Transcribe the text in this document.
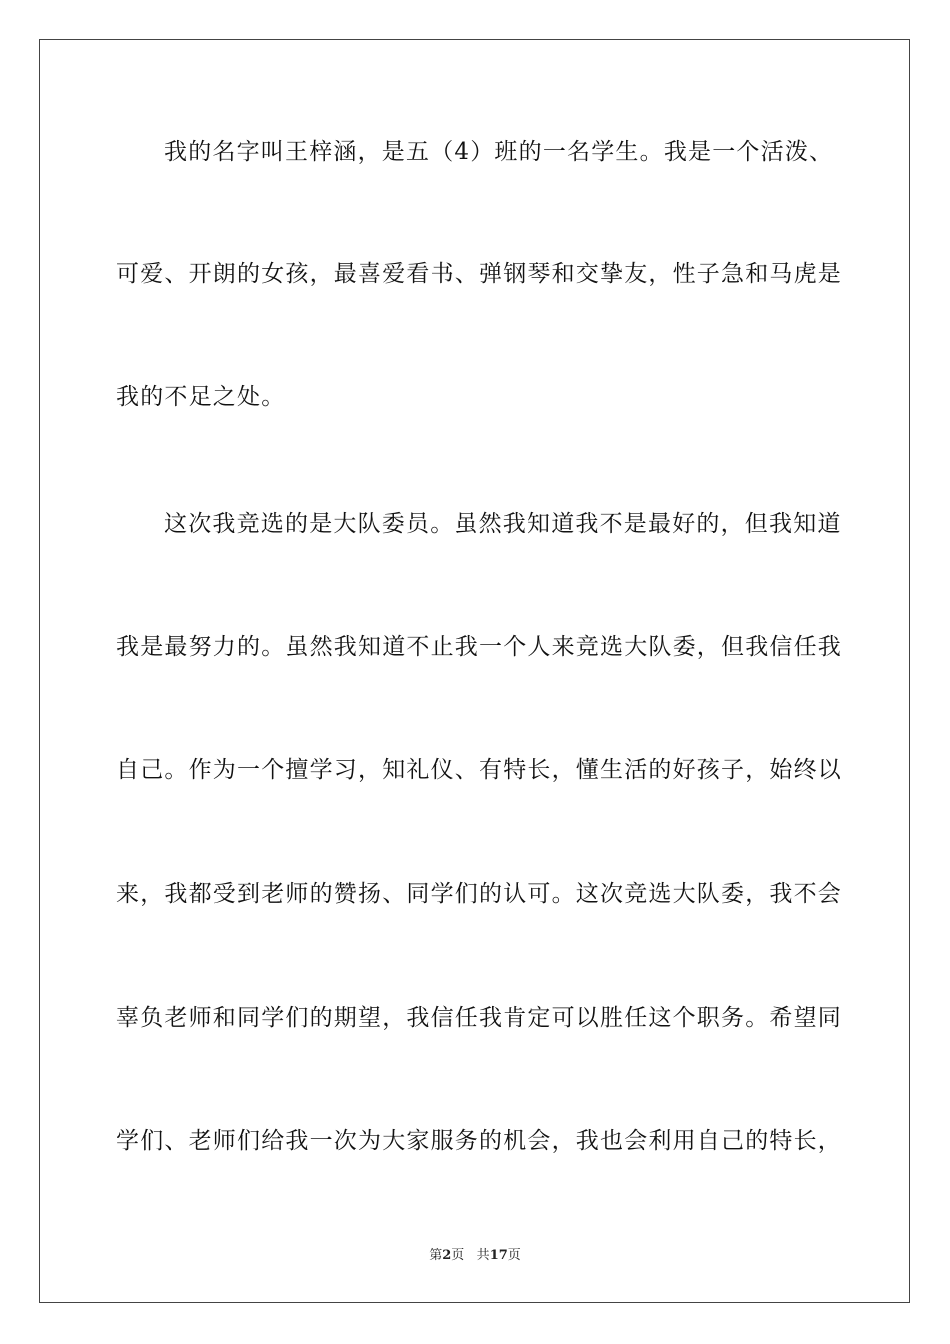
我的名字叫王梓涵，是五（4）班的一名学生。我是一个活泼、
可爱、开朗的女孩，最喜爱看书、弹钢琴和交挚友，性子急和马虎是
我的不足之处。
这次我竞选的是大队委员。虽然我知道我不是最好的，但我知道
我是最努力的。虽然我知道不止我一个人来竞选大队委，但我信任我
自己。作为一个擅学习，知礼仪、有特长，懂生活的好孩子，始终以
来，我都受到老师的赞扬、同学们的认可。这次竞选大队委，我不会
辜负老师和同学们的期望，我信任我肯定可以胜任这个职务。希望同
学们、老师们给我一次为大家服务的机会，我也会利用自己的特长，
第2页 共17页
